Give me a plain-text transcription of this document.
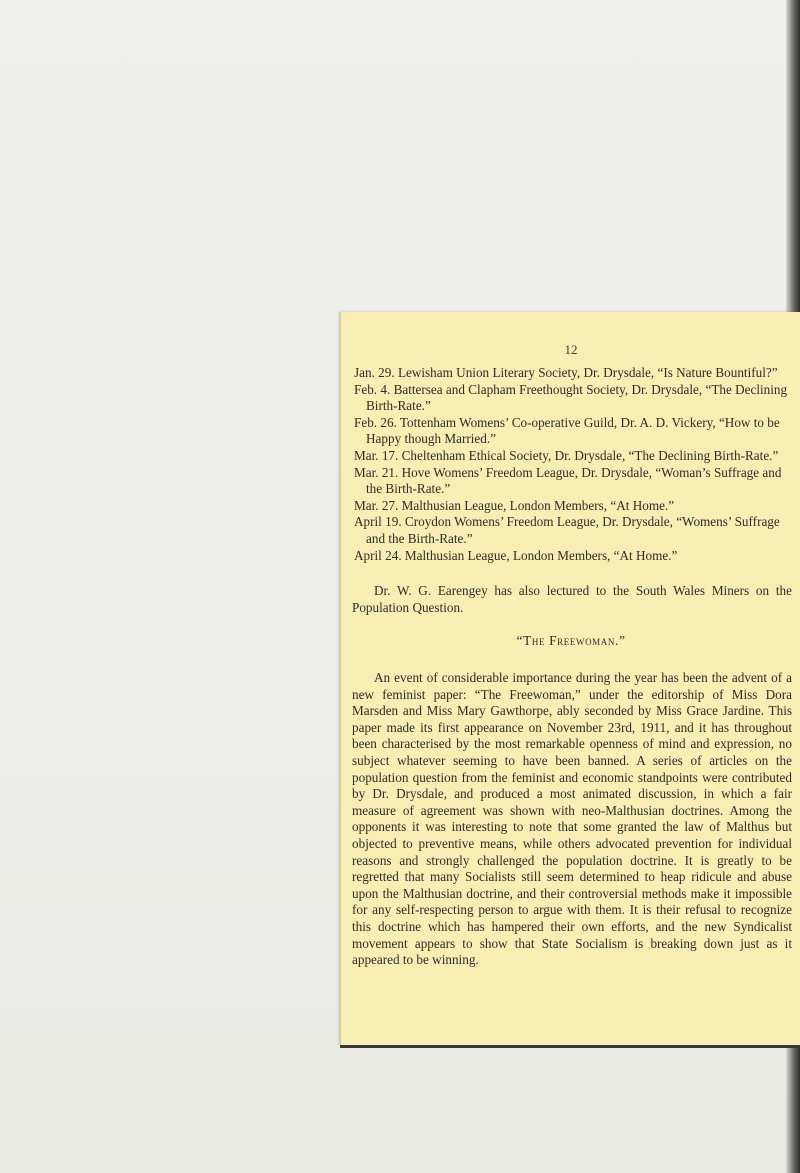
12

Jan. 29. Lewisham Union Literary Society, Dr. Drysdale, “Is Nature Bountiful?”
Feb. 4. Battersea and Clapham Freethought Society, Dr. Drysdale, “The Declining Birth-Rate.”
Feb. 26. Tottenham Womens’ Co-operative Guild, Dr. A. D. Vickery, “How to be Happy though Married.”
Mar. 17. Cheltenham Ethical Society, Dr. Drysdale, “The Declining Birth-Rate.”
Mar. 21. Hove Womens’ Freedom League, Dr. Drysdale, “Woman’s Suffrage and the Birth-Rate.”
Mar. 27. Malthusian League, London Members, “At Home.”
April 19. Croydon Womens’ Freedom League, Dr. Drysdale, “Womens’ Suffrage and the Birth-Rate.”
April 24. Malthusian League, London Members, “At Home.”

Dr. W. G. Earengey has also lectured to the South Wales Miners on the Population Question.

“The Freewoman.”

An event of considerable importance during the year has been the advent of a new feminist paper: “The Freewoman,” under the editorship of Miss Dora Marsden and Miss Mary Gawthorpe, ably seconded by Miss Grace Jardine. This paper made its first appearance on November 23rd, 1911, and it has throughout been characterised by the most remarkable openness of mind and expression, no subject whatever seeming to have been banned. A series of articles on the population question from the feminist and economic standpoints were contributed by Dr. Drysdale, and produced a most animated discussion, in which a fair measure of agreement was shown with neo-Malthusian doctrines. Among the opponents it was interesting to note that some granted the law of Malthus but objected to preventive means, while others advocated prevention for individual reasons and strongly challenged the population doctrine. It is greatly to be regretted that many Socialists still seem determined to heap ridicule and abuse upon the Malthusian doctrine, and their controversial methods make it impossible for any self-respecting person to argue with them. It is their refusal to recognize this doctrine which has hampered their own efforts, and the new Syndicalist movement appears to show that State Socialism is breaking down just as it appeared to be winning.
